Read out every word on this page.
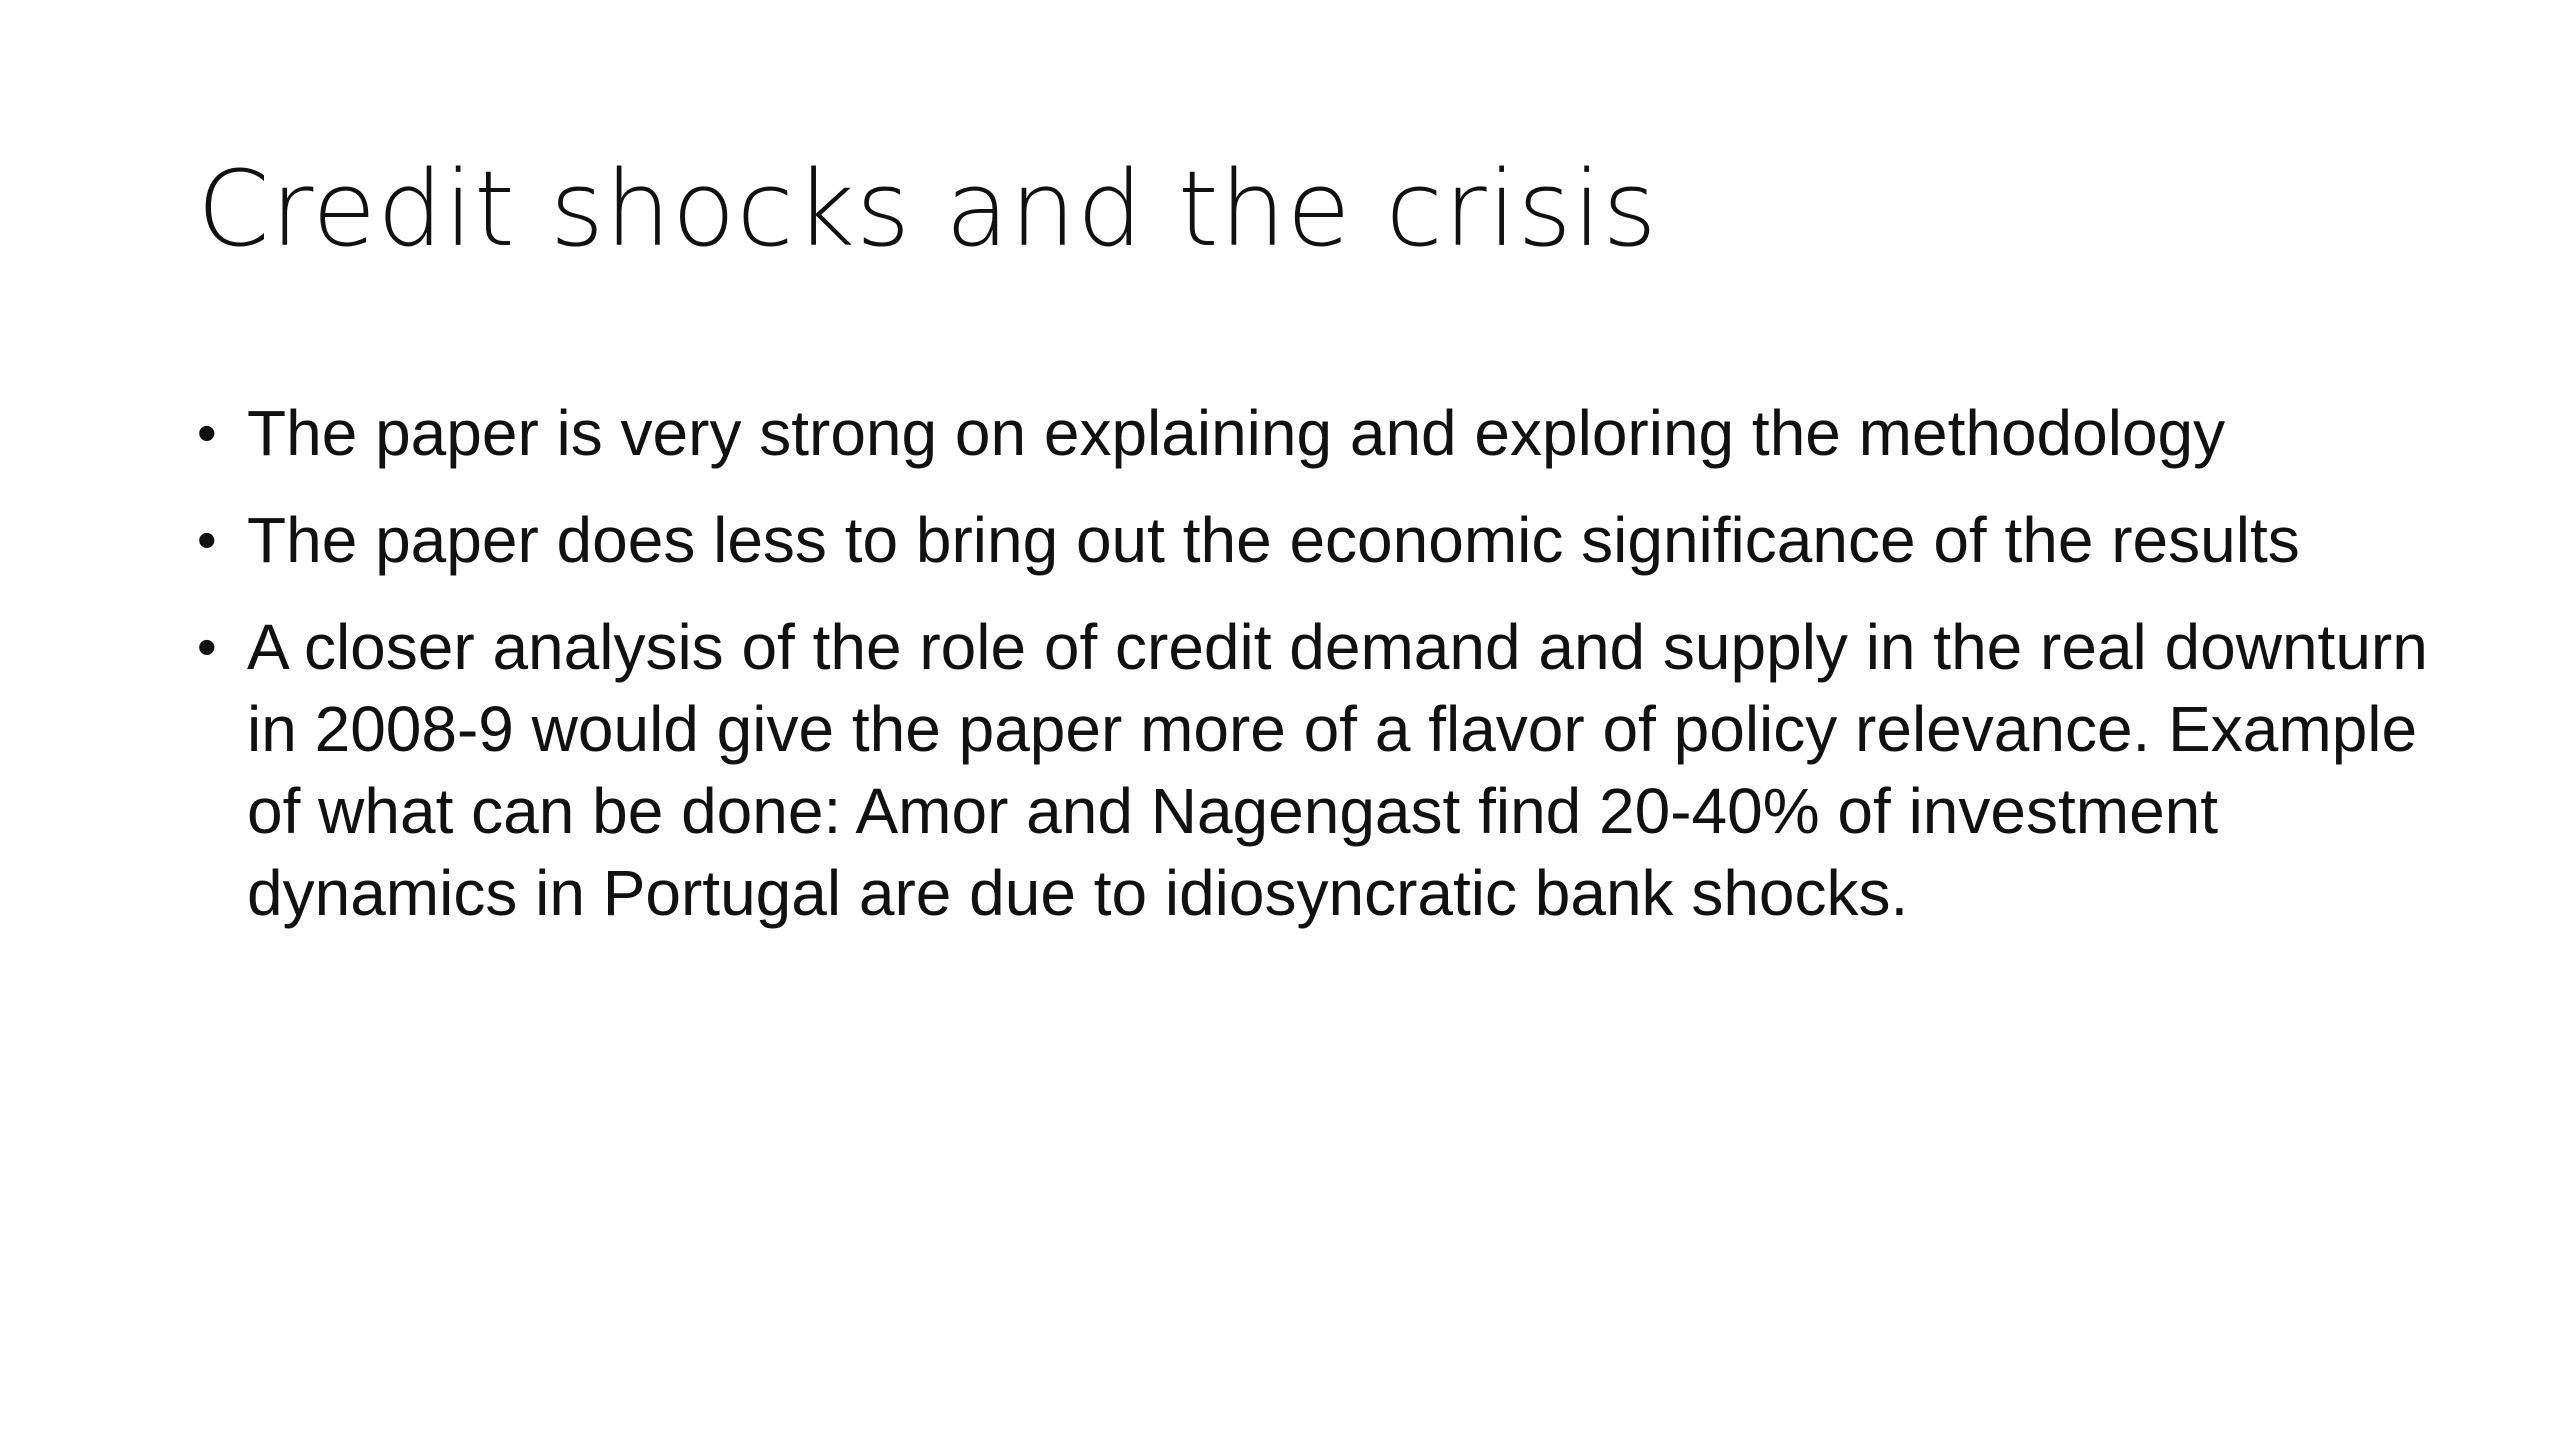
Credit shocks and the crisis
• The paper is very strong on explaining and exploring the methodology
• The paper does less to bring out the economic significance of the results
• A closer analysis of the role of credit demand and supply in the real downturn in 2008-9 would give the paper more of a flavor of policy relevance. Example of what can be done: Amor and Nagengast find 20-40% of investment dynamics in Portugal are due to idiosyncratic bank shocks.
